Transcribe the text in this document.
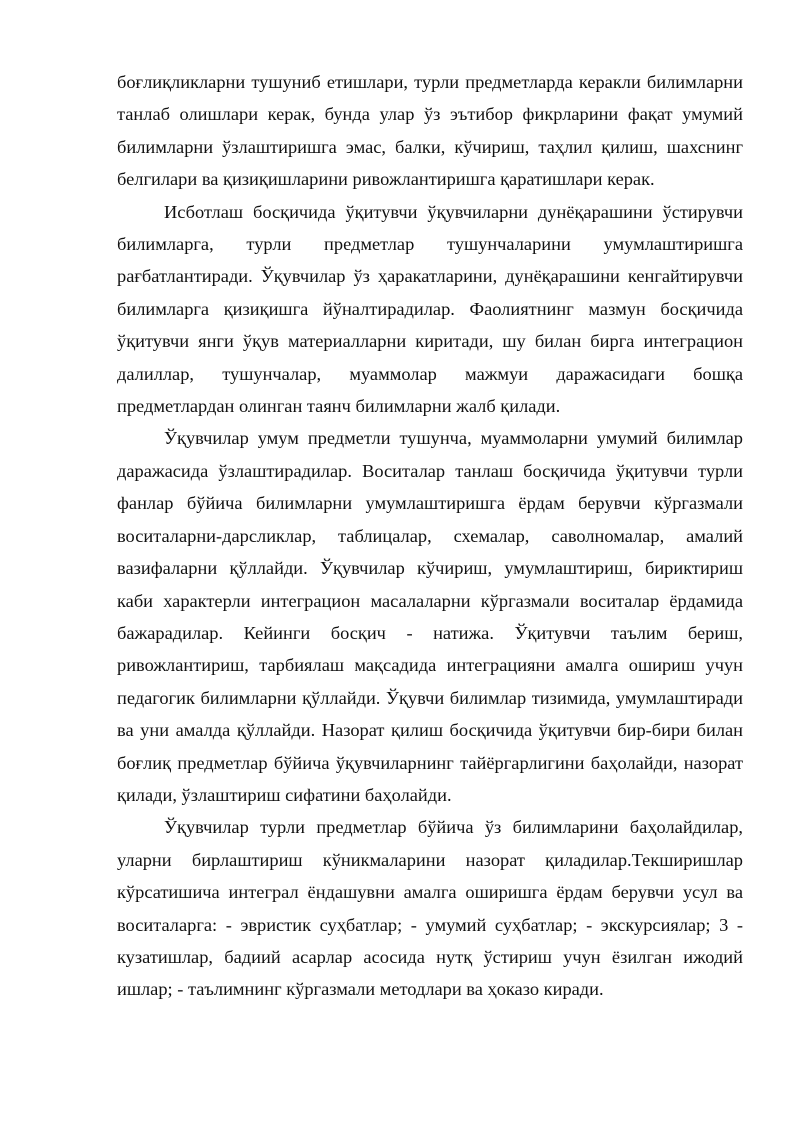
боғлиқликларни тушуниб етишлари, турли предметларда керакли билимларни танлаб олишлари керак, бунда улар ўз эътибор фикрларини фақат умумий билимларни ўзлаштиришга эмас, балки, кўчириш, таҳлил қилиш, шахснинг белгилари ва қизиқишларини ривожлантиришга қаратишлари керак.

Исботлаш босқичида ўқитувчи ўқувчиларни дунёқарашини ўстирувчи билимларга, турли предметлар тушунчаларини умумлаштиришга рағбатлантиради. Ўқувчилар ўз ҳаракатларини, дунёқарашини кенгайтирувчи билимларга қизиқишга йўналтирадилар. Фаолиятнинг мазмун босқичида ўқитувчи янги ўқув материалларни киритади, шу билан бирга интеграцион далиллар, тушунчалар, муаммолар мажмуи даражасидаги бошқа предметлардан олинган таянч билимларни жалб қилади.

Ўқувчилар умум предметли тушунча, муаммоларни умумий билимлар даражасида ўзлаштирадилар. Воситалар танлаш босқичида ўқитувчи турли фанлар бўйича билимларни умумлаштиришга ёрдам берувчи кўргазмали воситаларни-дарсликлар, таблицалар, схемалар, саволномалар, амалий вазифаларни қўллайди. Ўқувчилар кўчириш, умумлаштириш, бириктириш каби характерли интеграцион масалаларни кўргазмали воситалар ёрдамида бажарадилар. Кейинги босқич - натижа. Ўқитувчи таълим бериш, ривожлантириш, тарбиялаш мақсадида интеграцияни амалга ошириш учун педагогик билимларни қўллайди. Ўқувчи билимлар тизимида, умумлаштиради ва уни амалда қўллайди. Назорат қилиш босқичида ўқитувчи бир-бири билан боғлиқ предметлар бўйича ўқувчиларнинг тайёргарлигини баҳолайди, назорат қилади, ўзлаштириш сифатини баҳолайди.

Ўқувчилар турли предметлар бўйича ўз билимларини баҳолайдилар, уларни бирлаштириш кўникмаларини назорат қиладилар.Текширишлар кўрсатишича интеграл ёндашувни амалга оширишга ёрдам берувчи усул ва воситаларга: - эвристик суҳбатлар; - умумий суҳбатлар; - экскурсиялар; 3 - кузатишлар, бадиий асарлар асосида нутқ ўстириш учун ёзилган ижодий ишлар; - таълимнинг кўргазмали методлари ва ҳоказо киради.
